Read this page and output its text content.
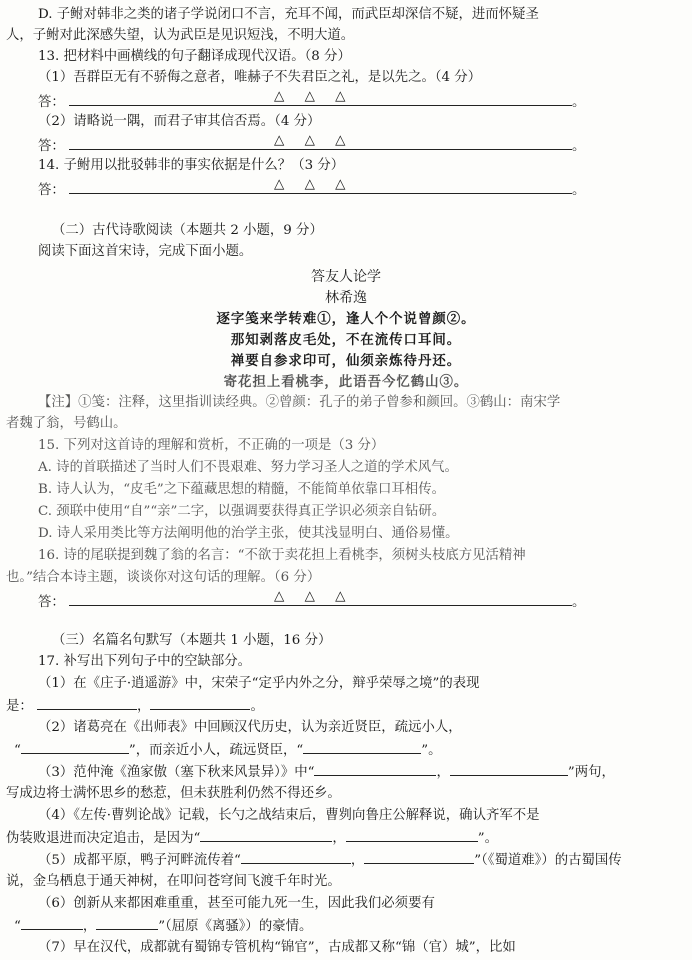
D. 子鲋对韩非之类的诸子学说闭口不言，充耳不闻，而武臣却深信不疑，进而怀疑圣
人，子鲋对此深感失望，认为武臣是见识短浅，不明大道。
13. 把材料中画横线的句子翻译成现代汉语。（8 分）
（1）吾群臣无有不骄侮之意者，唯赫子不失君臣之礼，是以先之。（4 分）
答：	△ △ △	。
（2）请略说一隅，而君子审其信否焉。（4 分）
答：	△ △ △	。
14. 子鲋用以批驳韩非的事实依据是什么？（3 分）
答：	△ △ △	。
（二）古代诗歌阅读（本题共 2 小题，9 分）
阅读下面这首宋诗，完成下面小题。
答友人论学
林希逸
逐字笺来学转难①，逢人个个说曾颜②。
那知剥落皮毛处，不在流传口耳间。
禅要自参求印可，仙须亲炼待丹还。
寄花担上看桃李，此语吾今忆鹤山③。
【注】①笺：注释，这里指训读经典。②曾颜：孔子的弟子曾参和颜回。③鹤山：南宋学
者魏了翁，号鹤山。
15. 下列对这首诗的理解和赏析，不正确的一项是（3 分）
A. 诗的首联描述了当时人们不畏艰难、努力学习圣人之道的学术风气。
B. 诗人认为，“皮毛”之下蕴藏思想的精髓，不能简单依靠口耳相传。
C. 颈联中使用“自”“亲”二字，以强调要获得真正学识必须亲自钻研。
D. 诗人采用类比等方法阐明他的治学主张，使其浅显明白、通俗易懂。
16. 诗的尾联提到魏了翁的名言：“不欲于卖花担上看桃李，须树头枝底方见活精神
也。”结合本诗主题，谈谈你对这句话的理解。（6 分）
答：	△ △ △	。
（三）名篇名句默写（本题共 1 小题，16 分）
17. 补写出下列句子中的空缺部分。
（1）在《庄子·逍遥游》中，宋荣子“定乎内外之分，辩乎荣辱之境”的表现
是：	，	。
（2）诸葛亮在《出师表》中回顾汉代历史，认为亲近贤臣，疏远小人，
“	”，而亲近小人，疏远贤臣，“	”。
（3）范仲淹《渔家傲（塞下秋来风景异）》中“	，	”两句，
写成边将士满怀思乡的愁惹，但未获胜利仍然不得还乡。
（4）《左传·曹刿论战》记载，长勺之战结束后，曹刿向鲁庄公解释说，确认齐军不是
伪装败退进而决定追击，是因为“	，	”。
（5）成都平原，鸭子河畔流传着“	，	”（《蜀道难》）的古蜀国传
说，金乌栖息于通天神树，在叩问苍穹间飞渡千年时光。
（6）创新从来都困难重重，甚至可能九死一生，因此我们必须要有
“	，	”（屈原《离骚》）的豪情。
（7）早在汉代，成都就有蜀锦专管机构“锦官”，古成都又称“锦（官）城”，比如
